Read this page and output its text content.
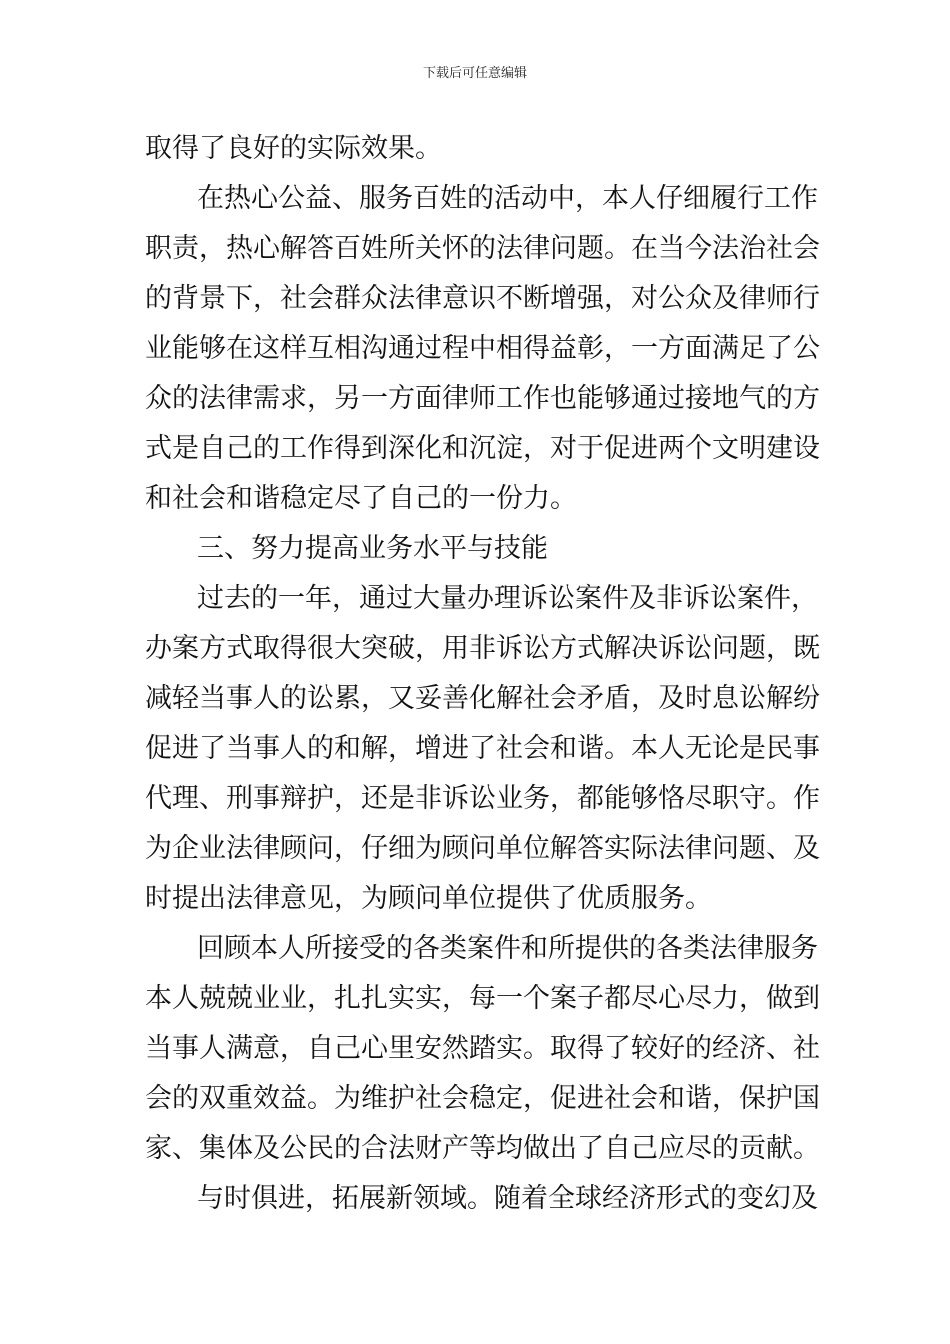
下载后可任意编辑
取得了良好的实际效果。
在热心公益、服务百姓的活动中，本人仔细履行工作
职责，热心解答百姓所关怀的法律问题。在当今法治社会
的背景下，社会群众法律意识不断增强，对公众及律师行
业能够在这样互相沟通过程中相得益彰，一方面满足了公
众的法律需求，另一方面律师工作也能够通过接地气的方
式是自己的工作得到深化和沉淀，对于促进两个文明建设
和社会和谐稳定尽了自己的一份力。
三、努力提高业务水平与技能
过去的一年，通过大量办理诉讼案件及非诉讼案件，
办案方式取得很大突破，用非诉讼方式解决诉讼问题，既
减轻当事人的讼累，又妥善化解社会矛盾，及时息讼解纷
促进了当事人的和解，增进了社会和谐。本人无论是民事
代理、刑事辩护，还是非诉讼业务，都能够恪尽职守。作
为企业法律顾问，仔细为顾问单位解答实际法律问题、及
时提出法律意见，为顾问单位提供了优质服务。
回顾本人所接受的各类案件和所提供的各类法律服务
本人兢兢业业，扎扎实实，每一个案子都尽心尽力，做到
当事人满意，自己心里安然踏实。取得了较好的经济、社
会的双重效益。为维护社会稳定，促进社会和谐，保护国
家、集体及公民的合法财产等均做出了自己应尽的贡献。
与时俱进，拓展新领域。随着全球经济形式的变幻及
